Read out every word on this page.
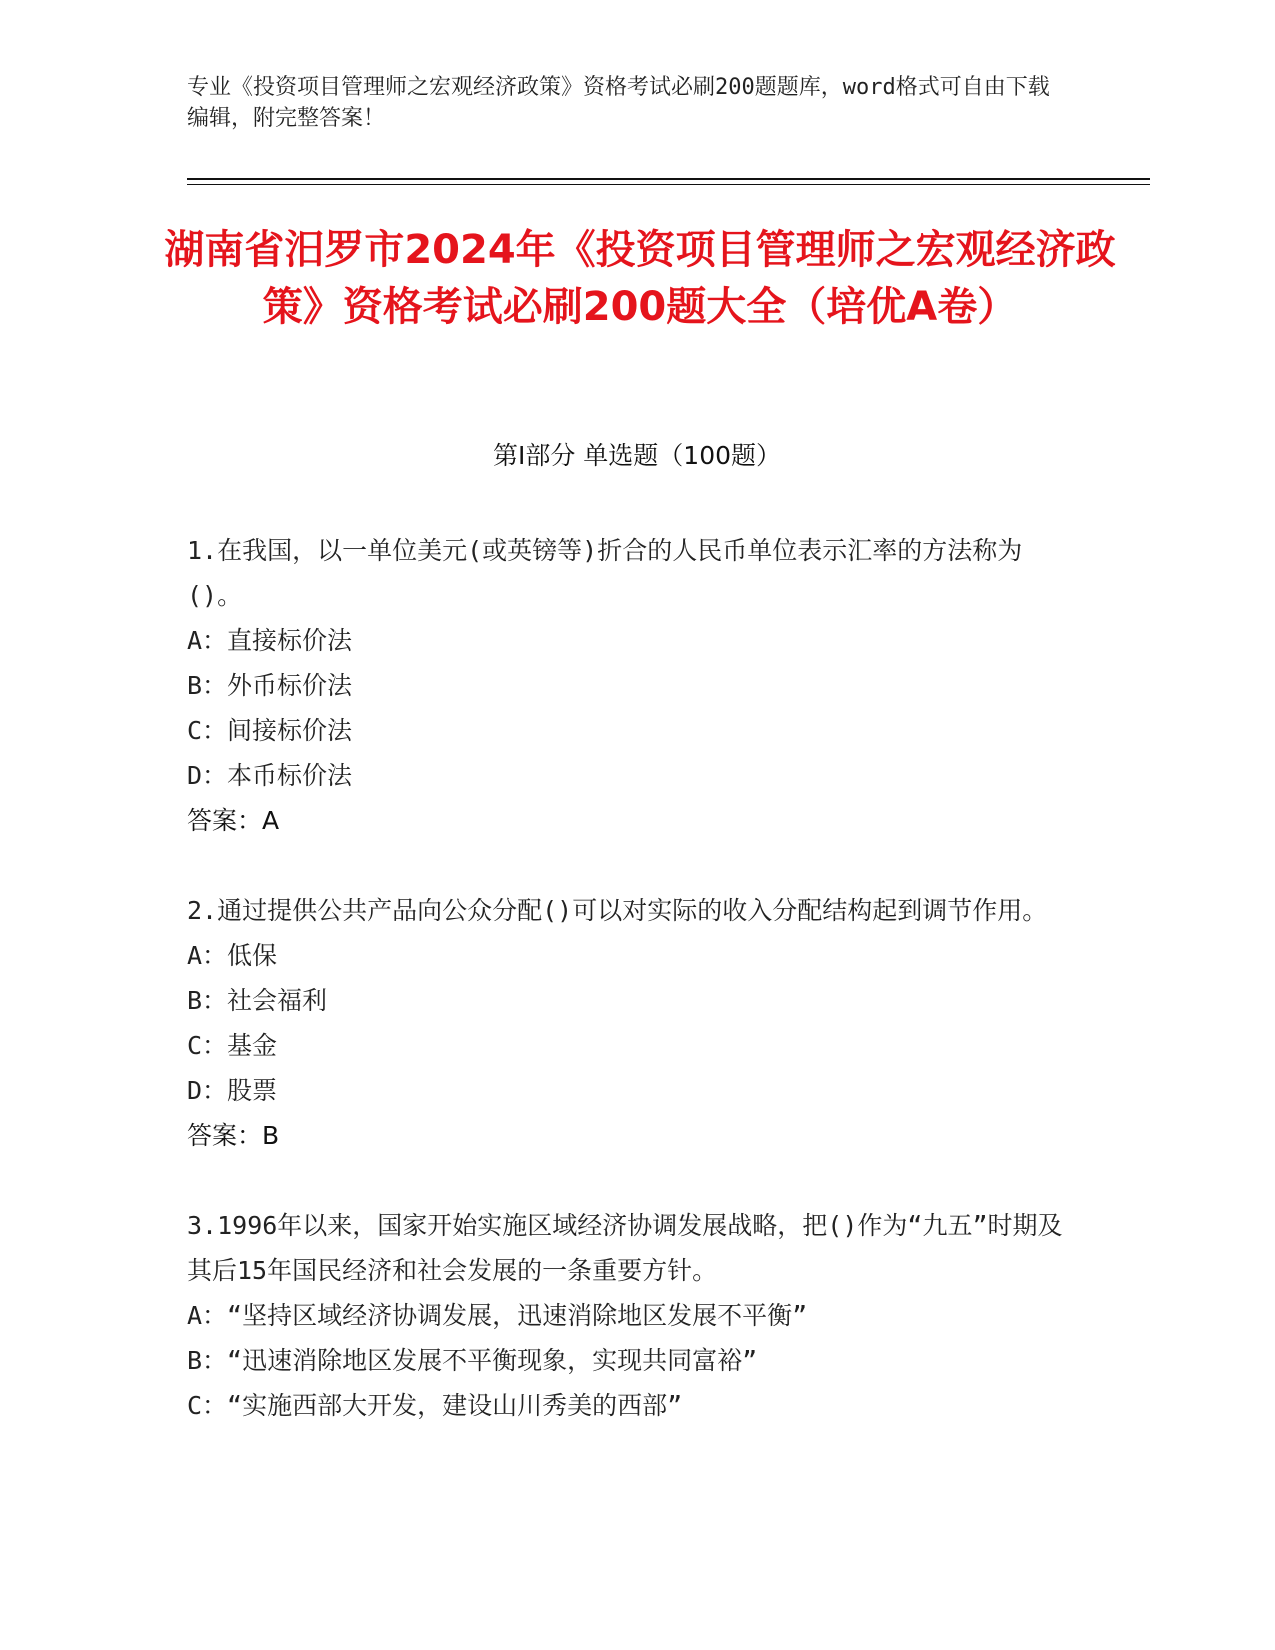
专业《投资项目管理师之宏观经济政策》资格考试必刷200题题库，word格式可自由下载编辑，附完整答案！
湖南省汨罗市2024年《投资项目管理师之宏观经济政策》资格考试必刷200题大全（培优A卷）
第Ⅰ部分 单选题（100题）

1.在我国，以一单位美元(或英镑等)折合的人民币单位表示汇率的方法称为()。

A：直接标价法
B：外币标价法
C：间接标价法
D：本币标价法

答案：A

2.通过提供公共产品向公众分配()可以对实际的收入分配结构起到调节作用。

A：低保
B：社会福利
C：基金
D：股票

答案：B

3.1996年以来，国家开始实施区域经济协调发展战略，把()作为“九五”时期及其后15年国民经济和社会发展的一条重要方针。

A：“坚持区域经济协调发展，迅速消除地区发展不平衡”
B：“迅速消除地区发展不平衡现象，实现共同富裕”
C：“实施西部大开发，建设山川秀美的西部”
